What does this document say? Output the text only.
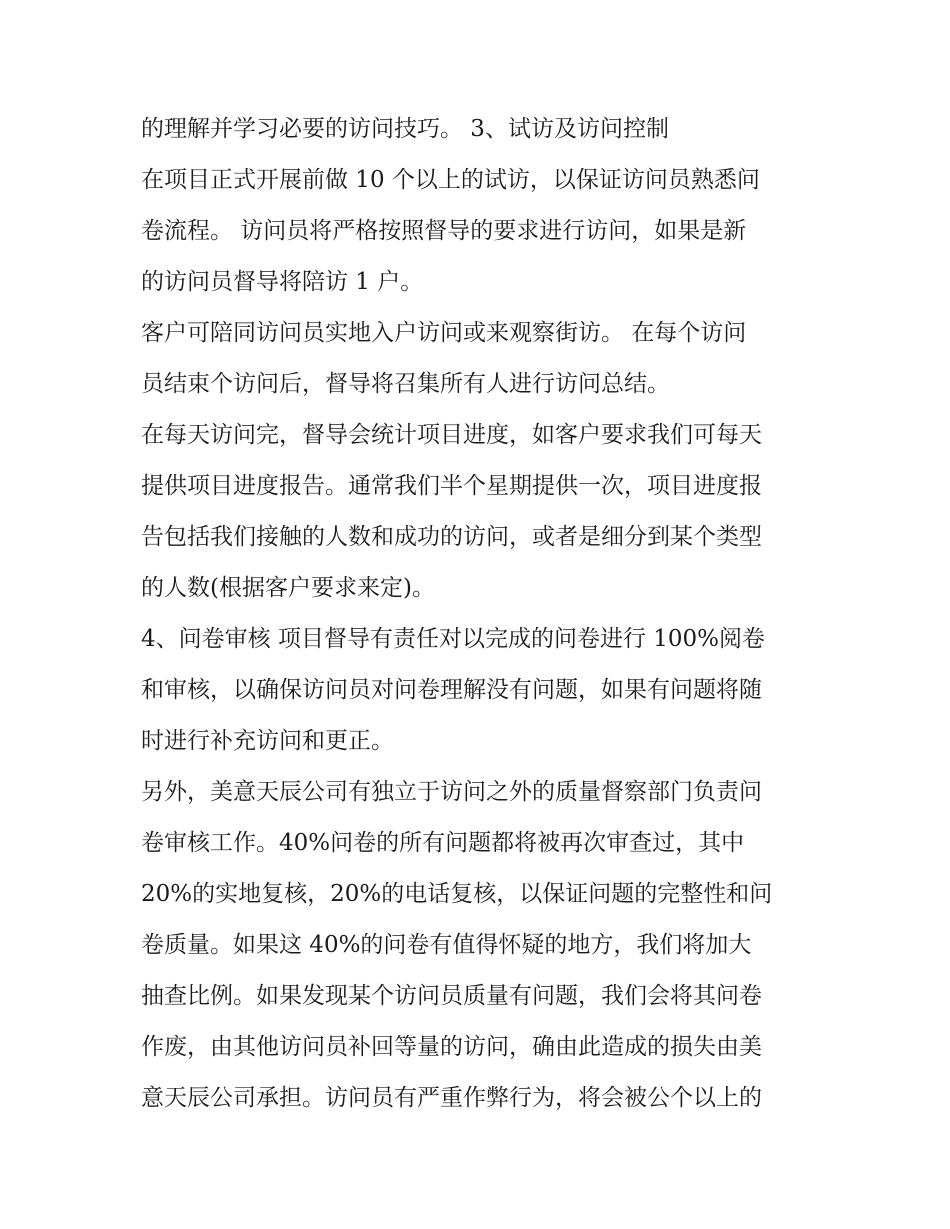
的理解并学习必要的访问技巧。 3、试访及访问控制
在项目正式开展前做 10 个以上的试访，以保证访问员熟悉问
卷流程。 访问员将严格按照督导的要求进行访问，如果是新
的访问员督导将陪访 1 户。
客户可陪同访问员实地入户访问或来观察街访。 在每个访问
员结束个访问后，督导将召集所有人进行访问总结。
在每天访问完，督导会统计项目进度，如客户要求我们可每天
提供项目进度报告。通常我们半个星期提供一次，项目进度报
告包括我们接触的人数和成功的访问，或者是细分到某个类型
的人数(根据客户要求来定)。
4、问卷审核 项目督导有责任对以完成的问卷进行 100%阅卷
和审核，以确保访问员对问卷理解没有问题，如果有问题将随
时进行补充访问和更正。
另外，美意天辰公司有独立于访问之外的质量督察部门负责问
卷审核工作。40%问卷的所有问题都将被再次审查过，其中
20%的实地复核，20%的电话复核，以保证问题的完整性和问
卷质量。如果这 40%的问卷有值得怀疑的地方，我们将加大
抽查比例。如果发现某个访问员质量有问题，我们会将其问卷
作废，由其他访问员补回等量的访问，确由此造成的损失由美
意天辰公司承担。访问员有严重作弊行为，将会被公个以上的
